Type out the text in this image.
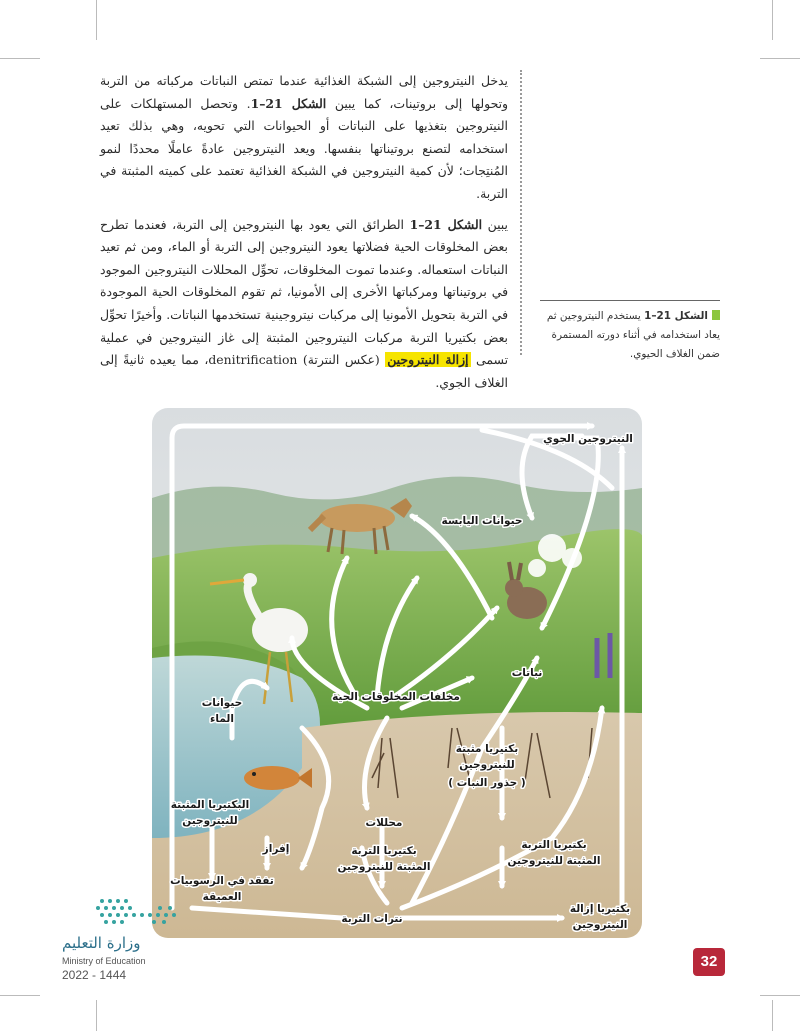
يدخل النيتروجين إلى الشبكة الغذائية عندما تمتص النباتات مركباته من التربة وتحولها إلى بروتينات، كما يبين الشكل 21–1. وتحصل المستهلكات على النيتروجين بتغذيها على النباتات أو الحيوانات التي تحويه، وهي بذلك تعيد استخدامه لتصنع بروتيناتها بنفسها. ويعد النيتروجين عادةً عاملًا محددًا لنمو المُنتِجات؛ لأن كمية النيتروجين في الشبكة الغذائية تعتمد على كميته المثبتة في التربة.

يبين الشكل 21–1 الطرائق التي يعود بها النيتروجين إلى التربة، فعندما تطرح بعض المخلوقات الحية فضلاتها يعود النيتروجين إلى التربة أو الماء، ومن ثم تعيد النباتات استعماله. وعندما تموت المخلوقات، تحوِّل المحللات النيتروجين الموجود في بروتيناتها ومركباتها الأخرى إلى الأمونيا، ثم تقوم المخلوقات الحية الموجودة في التربة بتحويل الأمونيا إلى مركبات نيتروجينية تستخدمها النباتات. وأخيرًا تحوِّل بعض بكتيريا التربة مركبات النيتروجين المثبتة إلى غاز النيتروجين في عملية تسمى إزالة النيتروجين (عكس النترتة) denitrification، مما يعيده ثانيةً إلى الغلاف الجوي.

الشكل 21–1 يستخدم النيتروجين ثم يعاد استخدامه في أثناء دورته المستمرة ضمن الغلاف الحيوي.
النيتروجين الجوي
حيوانات اليابسة
نباتات
مخلفات المخلوقات الحية
حيوانات
الماء
بكتيريا مثبتة
للنيتروجين
( جذور النبات )
البكتيريا المثبتة
للنيتروجين	محللات
إفراز	بكتيريا التربة
المثبتة للنيتروجين
بكتيريا التربة
المثبتة للنيتروجين
تفقد في الرسوبيات
العميقة
نترات التربة
بكتيريا إزالة
النيتروجين
وزارة التعليم
Ministry of Education
2022 - 1444
32
